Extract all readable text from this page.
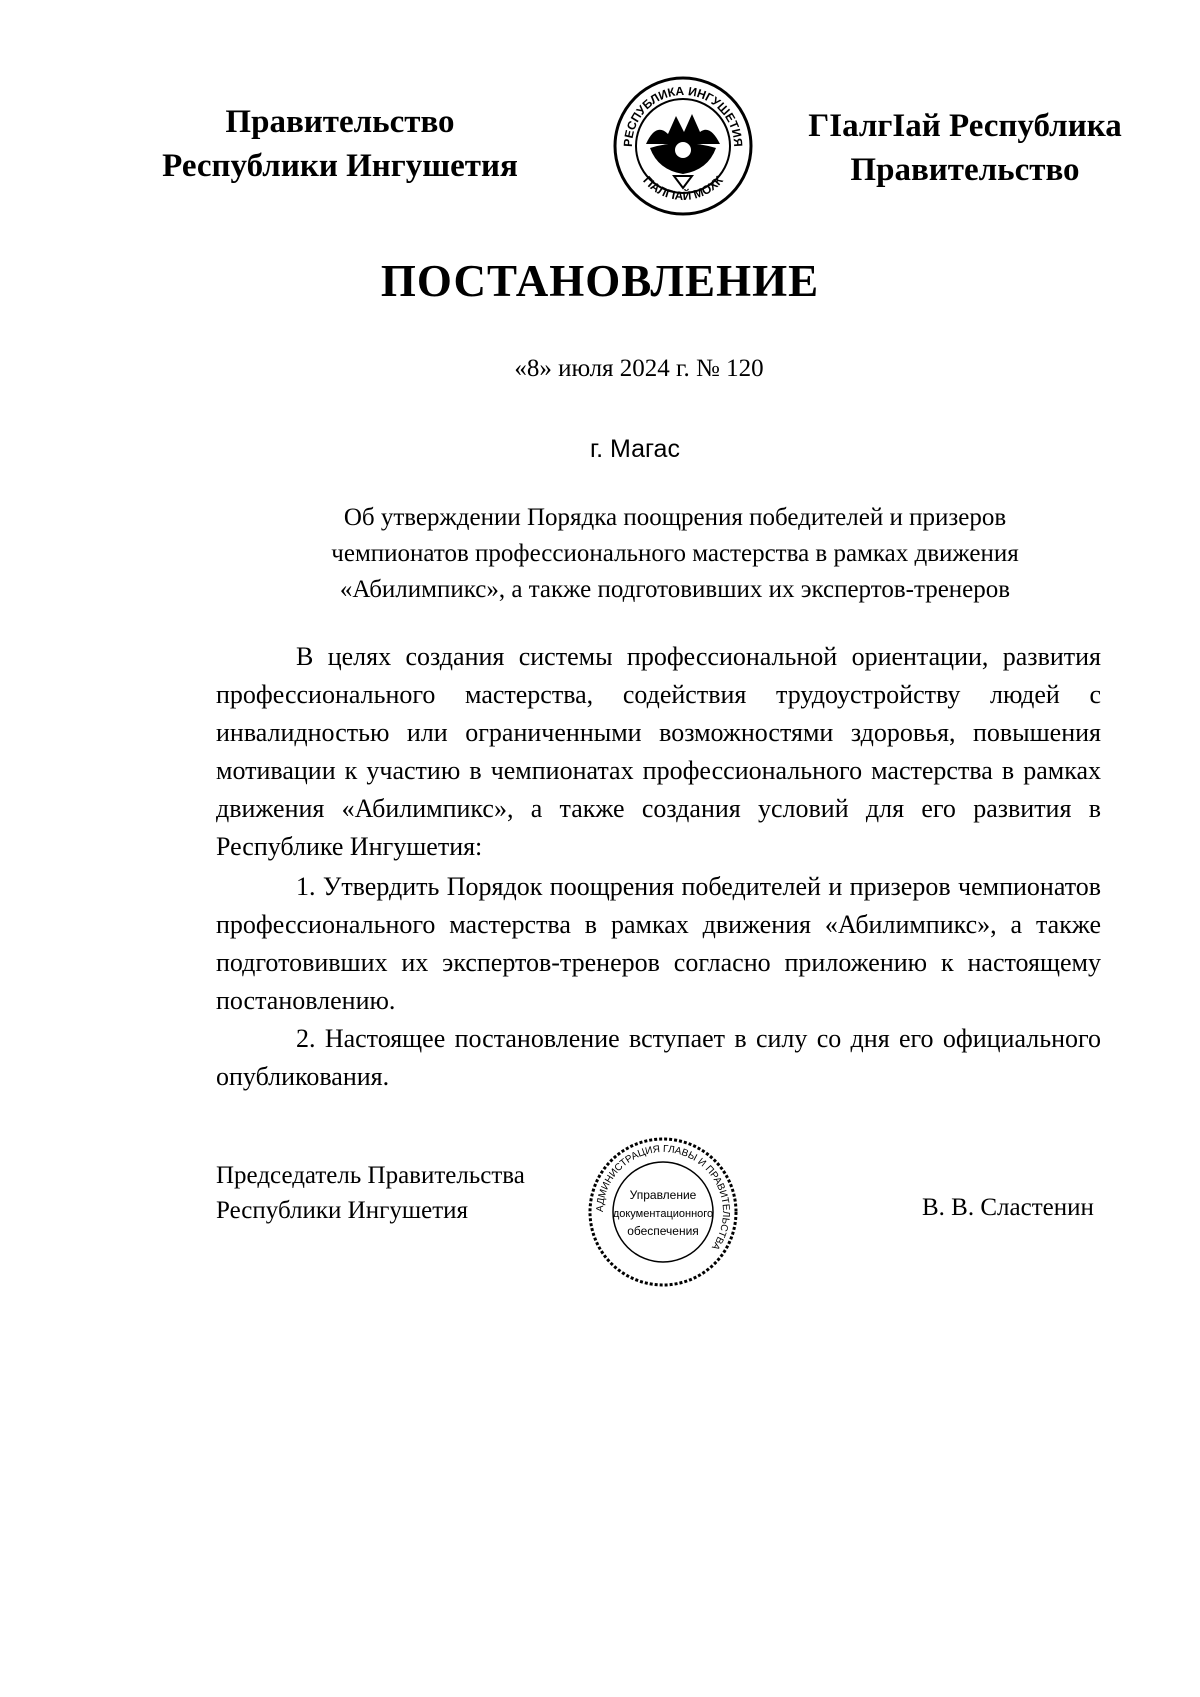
Правительство
Республики Ингушетия
РЕСПУБЛИКА ИНГУШЕТИЯ
ГIАЛГIАЙ МОХК
ГIалгIай Республика
Правительство
ПОСТАНОВЛЕНИЕ
«8» июля 2024 г. № 120
г. Магас
Об утверждении Порядка поощрения победителей и призеров
чемпионатов профессионального мастерства в рамках движения
«Абилимпикс», а также подготовивших их экспертов-тренеров

В целях создания системы профессиональной ориентации, развития профессионального мастерства, содействия трудоустройству людей с инвалидностью или ограниченными возможностями здоровья, повышения мотивации к участию в чемпионатах профессионального мастерства в рамках движения «Абилимпикс», а также создания условий для его развития в Республике Ингушетия:

1. Утвердить Порядок поощрения победителей и призеров чемпионатов профессионального мастерства в рамках движения «Абилимпикс», а также подготовивших их экспертов-тренеров согласно приложению к настоящему постановлению.

2. Настоящее постановление вступает в силу со дня его официального опубликования.

Председатель Правительства
Республики Ингушетия	АДМИНИСТРАЦИЯ ГЛАВЫ И ПРАВИТЕЛЬСТВА
Управление
документационного
обеспечения
В. В. Сластенин
